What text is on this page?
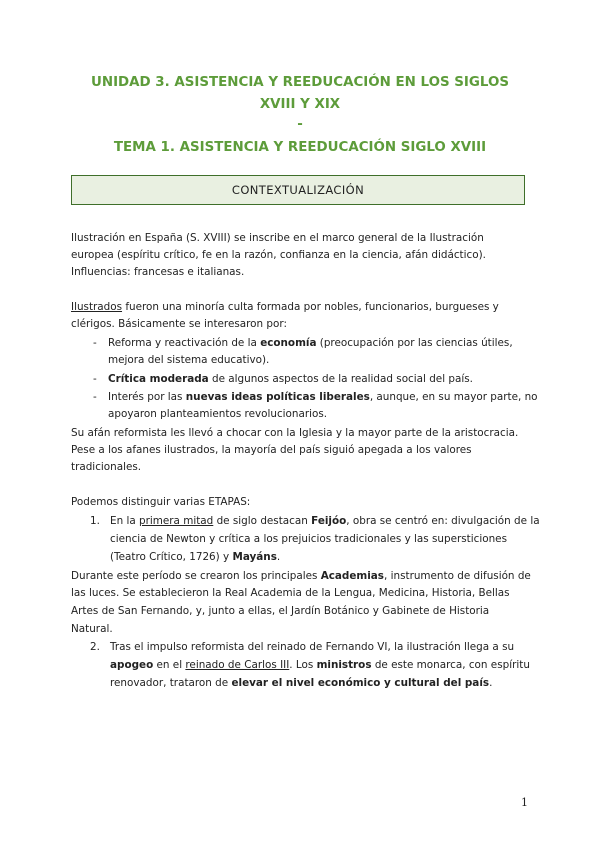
UNIDAD 3. ASISTENCIA Y REEDUCACIÓN EN LOS SIGLOS
XVIII Y XIX
-
TEMA 1. ASISTENCIA Y REEDUCACIÓN SIGLO XVIII
CONTEXTUALIZACIÓN
Ilustración en España (S. XVIII) se inscribe en el marco general de la Ilustración
europea (espíritu crítico, fe en la razón, confianza en la ciencia, afán didáctico).
Influencias: francesas e italianas.
Ilustrados fueron una minoría culta formada por nobles, funcionarios, burgueses y
clérigos. Básicamente se interesaron por:
- Reforma y reactivación de la economía (preocupación por las ciencias útiles,
mejora del sistema educativo).
- Crítica moderada de algunos aspectos de la realidad social del país.
- Interés por las nuevas ideas políticas liberales, aunque, en su mayor parte, no
apoyaron planteamientos revolucionarios.
Su afán reformista les llevó a chocar con la Iglesia y la mayor parte de la aristocracia.
Pese a los afanes ilustrados, la mayoría del país siguió apegada a los valores
tradicionales.
Podemos distinguir varias ETAPAS:
1. En la primera mitad de siglo destacan Feijóo, obra se centró en: divulgación de la
ciencia de Newton y crítica a los prejuicios tradicionales y las supersticiones
(Teatro Crítico, 1726) y Mayáns.
Durante este período se crearon los principales Academias, instrumento de difusión de
las luces. Se establecieron la Real Academia de la Lengua, Medicina, Historia, Bellas
Artes de San Fernando, y, junto a ellas, el Jardín Botánico y Gabinete de Historia
Natural.
2. Tras el impulso reformista del reinado de Fernando VI, la ilustración llega a su
apogeo en el reinado de Carlos III. Los ministros de este monarca, con espíritu
renovador, trataron de elevar el nivel económico y cultural del país.
1
